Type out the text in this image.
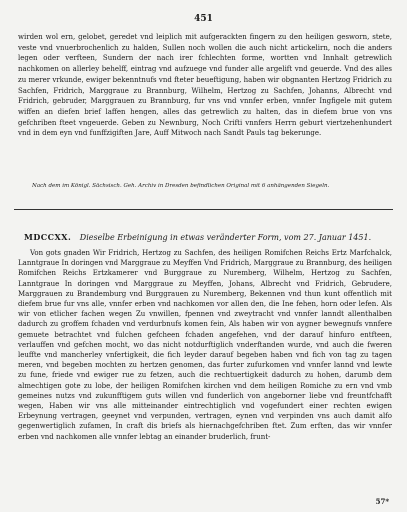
451
wirden wol ern, gelobet, geredet vnd leiplich mit aufgerackten fingern zu den heiligen gesworn, stete, veste vnd vnuerbrochenlich zu halden, Sullen noch wollen die auch nicht artickelirn, noch die anders legen oder verfteen, Sundern der nach irer fchlechten forme, wortten vnd Innhalt getrewlich nachkomen on allerley behelff, eintrag vnd aufzuege vnd funder alle argelift vnd geuerde. Vnd des alles zu merer vrkunde, ewiger bekenntnufs vnd fteter beueftigung, haben wir obgnanten Hertzog Fridrich zu Sachfen, Fridrich, Marggraue zu Brannburg, Wilhelm, Hertzog zu Sachfen, Johanns, Albrecht vnd Fridrich, gebruder, Marggrauen zu Brannburg, fur vns vnd vnnfer erben, vnnfer Ingfigele mit gutem wiffen an diefen brief laffen hengen, alles das getrewlich zu halten, das in diefem brue von vns gefchriben fteet vngeuerde. Geben zu Newnburg, Noch Crifti vnnfers Herrn geburt viertzehenhundert vnd in dem eyn vnd funffzigiften Jare, Auff Mitwoch nach Sandt Pauls tag bekerunge.
Nach dem im Königl. Sächsisch. Geh. Archiv in Dresden befindlichen Original mit 6 anhängenden Siegeln.
MDCCXX. Dieselbe Erbeinigung in etwas veränderter Form, vom 27. Januar 1451.
Von gots gnaden Wir Fridrich, Hertzog zu Sachfen, des heiligen Romifchen Reichs Ertz Marfchalck, Lanntgraue In doringen vnd Marggraue zu Meyffen Vnd Fridrich, Marggraue zu Brannburg, des heiligen Romifchen Reichs Ertzkamerer vnd Burggraue zu Nuremberg, Wilhelm, Hertzog zu Sachfen, Lanntgraue In doringen vnd Marggraue zu Meyffen, Johans, Albrecht vnd Fridrich, Gebrudere, Marggrauen zu Brandemburg vnd Burggrauen zu Nuremberg, Bekennen vnd thun kunt offentlich mit diefem brue fur vns alle, vnnfer erben vnd nachkomen vor allen den, die Ine fehen, horn oder lefen. Als wir von etlicher fachen wegen Zu vnwillen, fpennen vnd zweytracht vnd vnnfer lanndt allenthalben dadurch zu groffem fchaden vnd verdurbnufs komen fein, Als haben wir von aygner bewegnufs vnnfere gemuete betrachtet vnd fulchen gefcheen fchaden angefehen, vnd der darauf hinfuro entfteen, verlauffen vnd gefchen mocht, wo das nicht notdurftiglich vnderftanden wurde, vnd auch die fweren leuffte vnd mancherley vnfertigkeit, die fich leyder darauf begeben haben vnd fich von tag zu tagen meren, vnd begeben mochten zu hertzen genomen, das furter zufurkomen vnd vnnfer lannd vnd lewte zu fune, friede vnd ewiger rue zu fetzen, auch die rechtuertigkeit dadurch zu hohen, darumb dem almechtigen gote zu lobe, der heiligen Romifchen kirchen vnd dem heiligen Romiche zu ern vnd vmb gemeines nutzs vnd zukunfftigem guts willen vnd funderlich von angeborner liebe vnd freuntfchafft wegen, Haben wir vns alle mitteinander eintrechtiglich vnd vogefundert einer rechten ewigen Erbeynung vertragen, geeynet vnd verpunden, vertragen, eynen vnd verpinden vns auch damit alfo gegenwertiglich zufamen, In craft dis briefs als hiernachgefchriben ftet. Zum erften, das wir vnnfer erben vnd nachkomen alle vnnfer lebtag an einander bruderlich, frunt-
57*
